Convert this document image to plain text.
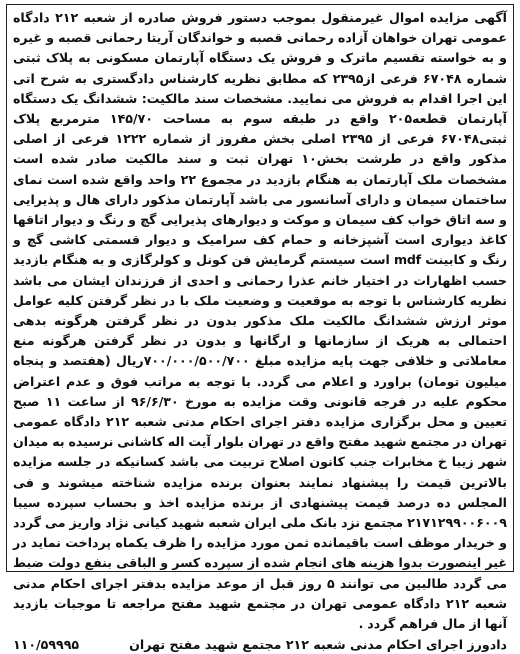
آگهی مزایده اموال غیرمنقول بموجب دستور فروش صادره از شعبه ۲۱۲ دادگاه عمومی تهران خواهان آزاده رحمانی قصبه و خواندگان آریتا رحمانی قصبه و غیره و به خواسته تقسیم ماترک و فروش یک دستگاه آپارتمان مسکونی به پلاک ثبتی شماره ۶۷۰۴۸ فرعی از۲۳۹۵ که مطابق نظریه کارشناس دادگستری به شرح اتی این اجرا اقدام به فروش می نمایید. مشخصات سند مالکیت: ششدانگ یک دستگاه آپارتمان قطعه۲۰۵ واقع در طبقه سوم به مساحت ۱۴۵/۷۰ مترمربع پلاک ثبتی۶۷۰۴۸ فرعی از ۲۳۹۵ اصلی بخش مفروز از شماره ۱۲۲۲ فرعی از اصلی مذکور واقع در طرشت بخش۱۰ تهران ثبت و سند مالکیت صادر شده است مشخصات ملک آپارتمان به هنگام بازدید در مجموع ۲۲ واحد واقع شده است نمای ساختمان سیمان و دارای آسانسور می باشد آپارتمان مذکور دارای هال و پذیرایی و سه اتاق خواب کف سیمان و موکت و دیوارهای پذیرایی گچ و رنگ و دیوار اتاقها کاغذ دیواری است آشپزخانه و حمام کف سرامیک و دیوار قسمتی کاشی گچ و رنگ و کابینت mdf است سیستم گرمایش فن کونل و کولرگازی و به هنگام بازدید حسب اظهارات در اختیار خانم عذرا رحمانی و احدی از فرزندان ایشان می باشد نظریه کارشناس با توجه به موقعیت و وضعیت ملک با در نظر گرفتن کلیه عوامل موثر ارزش ششدانگ مالکیت ملک مذکور بدون در نظر گرفتن هرگونه بدهی احتمالی به هریک از سازمانها و ارگانها و بدون در نظر گرفتن هرگونه منع معاملاتی و خلافی جهت پایه مزایده مبلغ ۷۰۰/۰۰۰/۵۰۰/۷۰۰ریال (هفتصد و پنجاه میلیون تومان) براورد و اعلام می گردد. با توجه به مراتب فوق و عدم اعتراض محکوم علیه در فرجه قانونی وقت مزایده به مورخ ۹۶/۶/۳۰ از ساعت ۱۱ صبح تعیین و محل برگزاری مزایده دفتر اجرای احکام مدنی شعبه ۲۱۲ دادگاه عمومی تهران در مجتمع شهید مفتح واقع در تهران بلوار آیت اله کاشانی نرسیده به میدان شهر زیبا خ مخابرات جنب کانون اصلاح تربیت می باشد کسانیکه در جلسه مزایده بالاترین قیمت را پیشنهاد نمایند بعنوان برنده مزایده شناخته میشوند و فی المجلس ده درصد قیمت پیشنهادی از برنده مزایده اخذ و بحساب سپرده سیبا ۲۱۷۱۲۹۹۰۰۶۰۰۹ مجتمع نزد بانک ملی ایران شعبه شهید کیانی نژاد واریز می گردد و خریدار موظف است باقیمانده ثمن مورد مزایده را ظرف یکماه پرداخت نماید در غیر اینصورت بدوا هزینه های انجام شده از سپرده کسر و الباقی بنفع دولت ضبط می گردد طالبین می توانند ۵ روز قبل از موعد مزایده بدفتر اجرای احکام مدنی شعبه ۲۱۲ دادگاه عمومی تهران در مجتمع شهید مفتح مراجعه تا موجبات بازدید آنها از مال فراهم گردد .

دادورز اجرای احکام مدنی شعبه ۲۱۲ مجتمع شهید مفتح تهران
۱۱۰/۵۹۹۹۵
